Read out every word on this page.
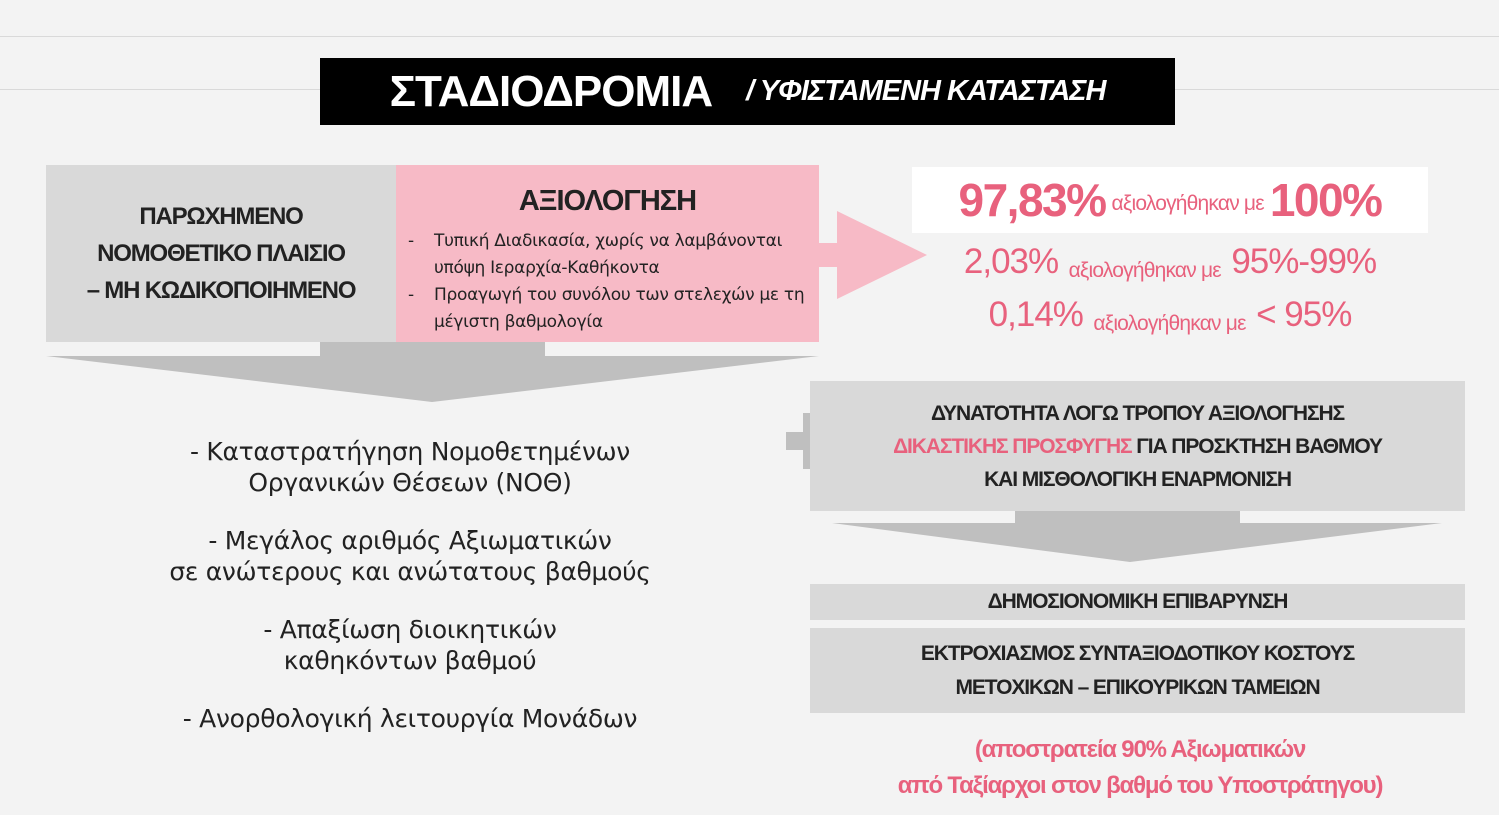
ΣΤΑΔΙΟΔΡΟΜΙΑ / ΥΦΙΣΤΑΜΕΝΗ ΚΑΤΑΣΤΑΣΗ
ΠΑΡΩΧΗΜΕΝΟ
ΝΟΜΟΘΕΤΙΚΟ ΠΛΑΙΣΙΟ
– ΜΗ ΚΩΔΙΚΟΠΟΙΗΜΕΝΟ
ΑΞΙΟΛΟΓΗΣΗ
-	Τυπική Διαδικασία, χωρίς να λαμβάνονται υπόψη Ιεραρχία-Καθήκοντα
-	Προαγωγή του συνόλου των στελεχών με τη μέγιστη βαθμολογία
97,83% αξιολογήθηκαν με 100%
2,03% αξιολογήθηκαν με 95%-99%
0,14% αξιολογήθηκαν με < 95%
- Καταστρατήγηση Νομοθετημένων
Οργανικών Θέσεων (ΝΟΘ)
- Μεγάλος αριθμός Αξιωματικών
σε ανώτερους και ανώτατους βαθμούς
- Απαξίωση διοικητικών
καθηκόντων βαθμού
- Ανορθολογική λειτουργία Μονάδων
ΔΥΝΑΤΟΤΗΤΑ ΛΟΓΩ ΤΡΟΠΟΥ ΑΞΙΟΛΟΓΗΣΗΣ
ΔΙΚΑΣΤΙΚΗΣ ΠΡΟΣΦΥΓΗΣ ΓΙΑ ΠΡΟΣΚΤΗΣΗ ΒΑΘΜΟΥ
ΚΑΙ ΜΙΣΘΟΛΟΓΙΚΗ ΕΝΑΡΜΟΝΙΣΗ
ΔΗΜΟΣΙΟΝΟΜΙΚΗ ΕΠΙΒΑΡΥΝΣΗ
ΕΚΤΡΟΧΙΑΣΜΟΣ ΣΥΝΤΑΞΙΟΔΟΤΙΚΟΥ ΚΟΣΤΟΥΣ
ΜΕΤΟΧΙΚΩΝ – ΕΠΙΚΟΥΡΙΚΩΝ ΤΑΜΕΙΩΝ
(αποστρατεία 90% Αξιωματικών
από Ταξίαρχοι στον βαθμό του Υποστράτηγου)
